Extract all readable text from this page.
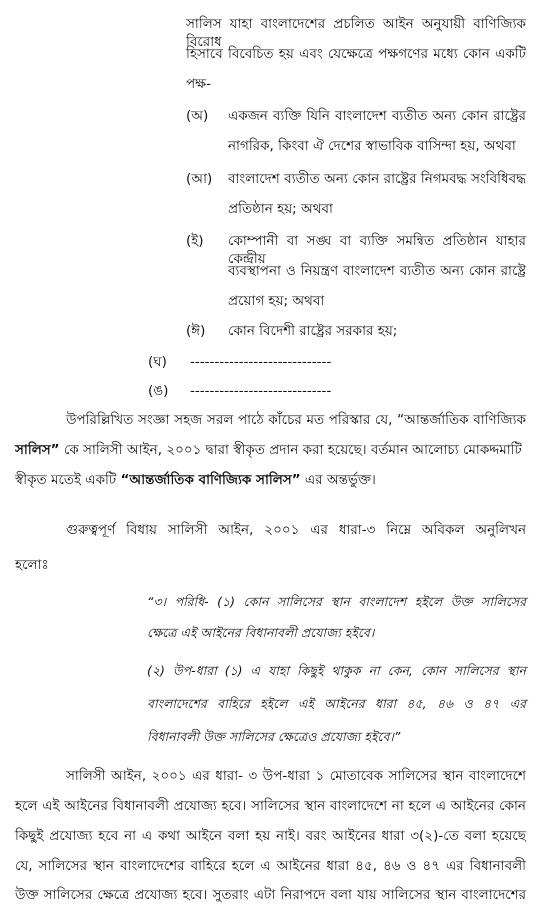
সালিস যাহা বাংলাদেশের প্রচলিত আইন অনুযায়ী বাণিজ্যিক বিরোধ
হিসাবে বিবেচিত হয় এবং যেক্ষেত্রে পক্ষগণের মধ্যে কোন একটি
পক্ষ-
(অ) একজন ব্যক্তি যিনি বাংলাদেশ ব্যতীত অন্য কোন রাষ্ট্রের
নাগরিক, কিংবা ঐ দেশের স্বাভাবিক বাসিন্দা হয়, অথবা
(আ) বাংলাদেশ ব্যতীত অন্য কোন রাষ্ট্রের নিগমবদ্ধ সংবিধিবদ্ধ
প্রতিষ্ঠান হয়; অথবা
(ই) কোম্পানী বা সঙ্ঘ বা ব্যক্তি সমন্বিত প্রতিষ্ঠান যাহার কেন্দ্রীয়
ব্যবস্থাপনা ও নিয়ন্ত্রণ বাংলাদেশ ব্যতীত অন্য কোন রাষ্ট্রে
প্রয়োগ হয়; অথবা
(ঈ) কোন বিদেশী রাষ্ট্রের সরকার হয়;
(ঘ) -----------------------------
(ঙ) -----------------------------
উপরিল্লিখিত সংজ্ঞা সহজ সরল পাঠে কাঁচের মত পরিস্কার যে, “আন্তর্জাতিক বাণিজ্যিক
সালিস” কে সালিসী আইন, ২০০১ দ্বারা স্বীকৃত প্রদান করা হয়েছে। বর্তমান আলোচ্য মোকদ্দমাটি
স্বীকৃত মতেই একটি “আন্তর্জাতিক বাণিজ্যিক সালিস” এর অন্তর্ভুক্ত।
গুরুত্বপূর্ণ বিধায় সালিসী আইন, ২০০১ এর ধারা-৩ নিম্নে অবিকল অনুলিখন
হলোঃ
“৩। পরিধি- (১) কোন সালিসের স্থান বাংলাদেশ হইলে উক্ত সালিসের
ক্ষেত্রে এই আইনের বিধানাবলী প্রযোজ্য হইবে।
(২) উপ-ধারা (১) এ যাহা কিছুই থাকুক না কেন, কোন সালিসের স্থান
বাংলাদেশের বাহিরে হইলে এই আইনের ধারা ৪৫, ৪৬ ও ৪৭ এর
বিধানাবলী উক্ত সালিসের ক্ষেত্রেও প্রযোজ্য হইবে।”
সালিসী আইন, ২০০১ এর ধারা- ৩ উপ-ধারা ১ মোতাবেক সালিসের স্থান বাংলাদেশে
হলে এই আইনের বিধানাবলী প্রযোজ্য হবে। সালিসের স্থান বাংলাদেশে না হলে এ আইনের কোন
কিছুই প্রযোজ্য হবে না এ কথা আইনে বলা হয় নাই। বরং আইনের ধারা ৩(২)-তে বলা হয়েছে
যে, সালিসের স্থান বাংলাদেশের বাহিরে হলে এ আইনের ধারা ৪৫, ৪৬ ও ৪৭ এর বিধানাবলী
উক্ত সালিসের ক্ষেত্রে প্রযোজ্য হবে। সুতরাং এটা নিরাপদে বলা যায় সালিসের স্থান বাংলাদেশের
